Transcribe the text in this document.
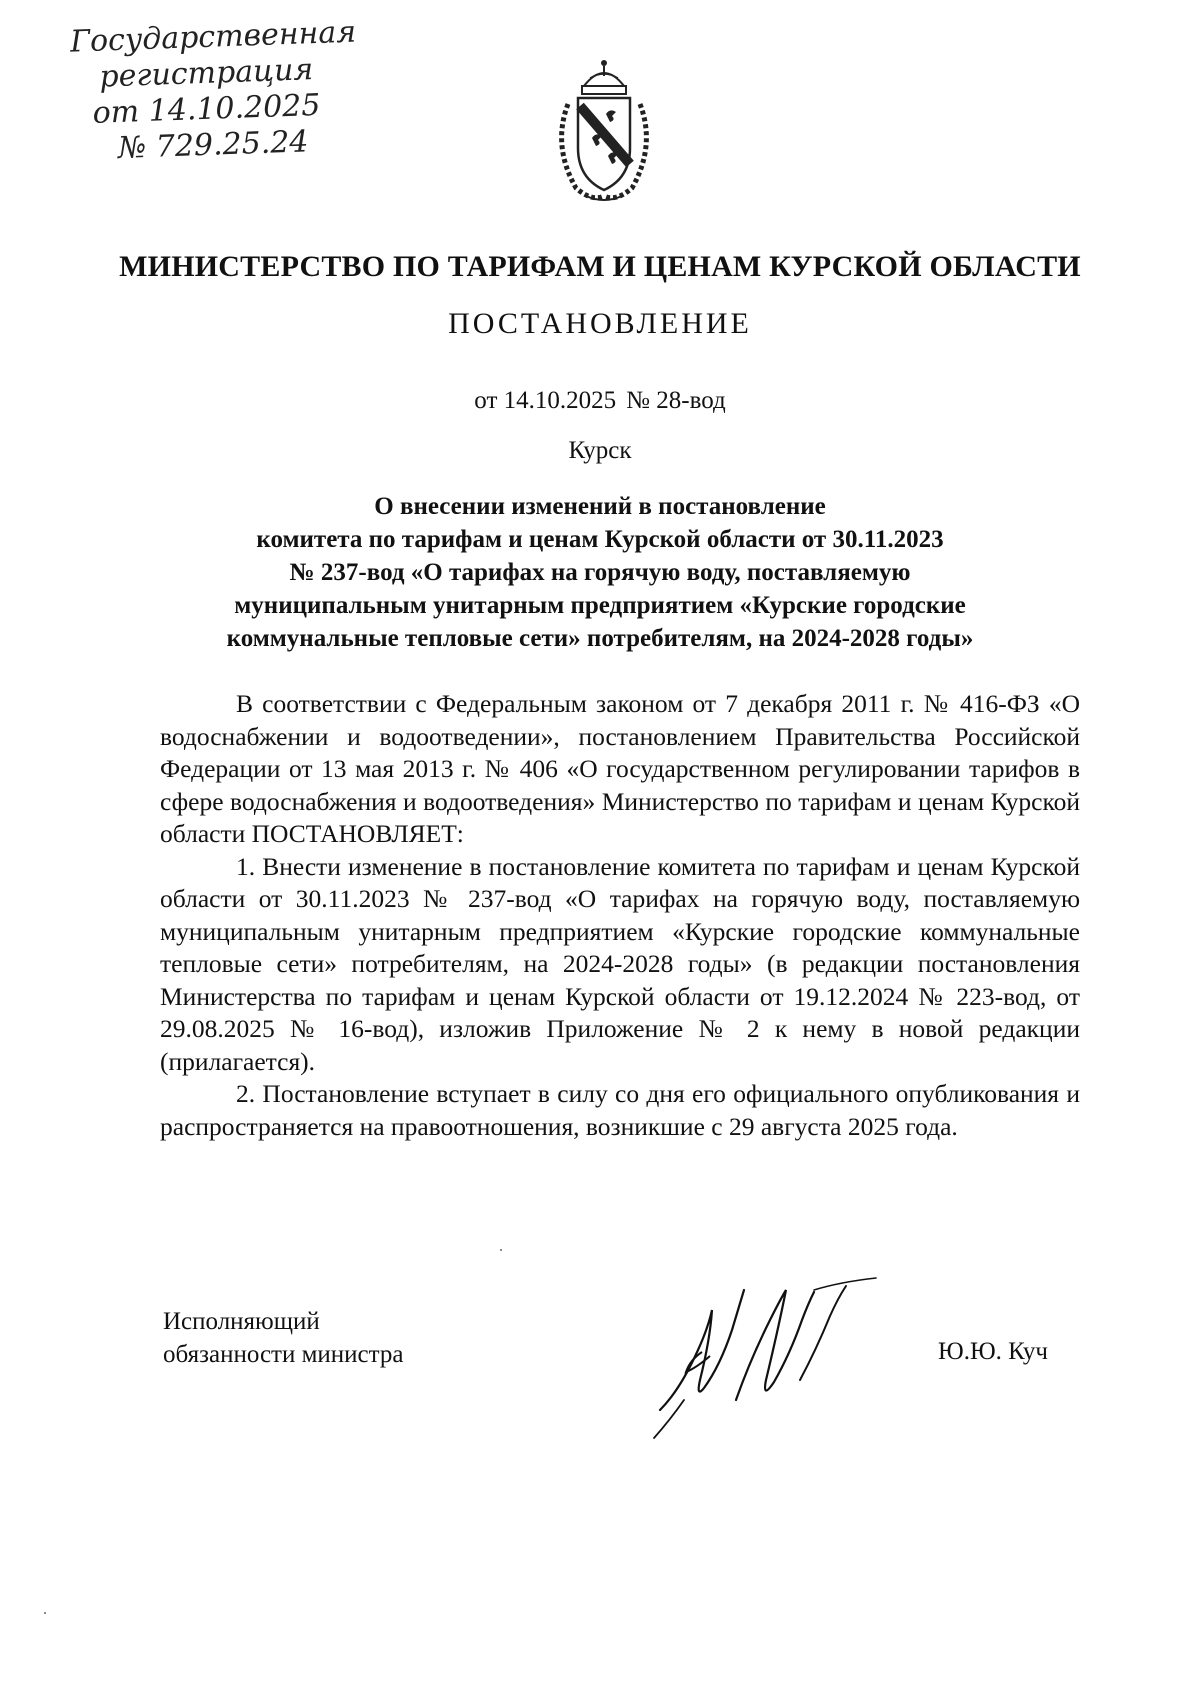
Государственная
регистрация
от 14.10.2025
№ 729.25.24
МИНИСТЕРСТВО ПО ТАРИФАМ И ЦЕНАМ КУРСКОЙ ОБЛАСТИ
ПОСТАНОВЛЕНИЕ
от 14.10.2025 № 28-вод
Курск
О внесении изменений в постановление
комитета по тарифам и ценам Курской области от 30.11.2023
№ 237-вод «О тарифах на горячую воду, поставляемую
муниципальным унитарным предприятием «Курские городские
коммунальные тепловые сети» потребителям, на 2024-2028 годы»

В соответствии с Федеральным законом от 7 декабря 2011 г. № 416-ФЗ «О водоснабжении и водоотведении», постановлением Правительства Российской Федерации от 13 мая 2013 г. № 406 «О государственном регулировании тарифов в сфере водоснабжения и водоотведения» Министерство по тарифам и ценам Курской области ПОСТАНОВЛЯЕТ:

1. Внести изменение в постановление комитета по тарифам и ценам Курской области от 30.11.2023 № 237-вод «О тарифах на горячую воду, поставляемую муниципальным унитарным предприятием «Курские городские коммунальные тепловые сети» потребителям, на 2024-2028 годы» (в редакции постановления Министерства по тарифам и ценам Курской области от 19.12.2024 № 223-вод, от 29.08.2025 № 16-вод), изложив Приложение № 2 к нему в новой редакции (прилагается).

2. Постановление вступает в силу со дня его официального опубликования и распространяется на правоотношения, возникшие с 29 августа 2025 года.

Исполняющий
обязанности министра	Ю.Ю. Куч
